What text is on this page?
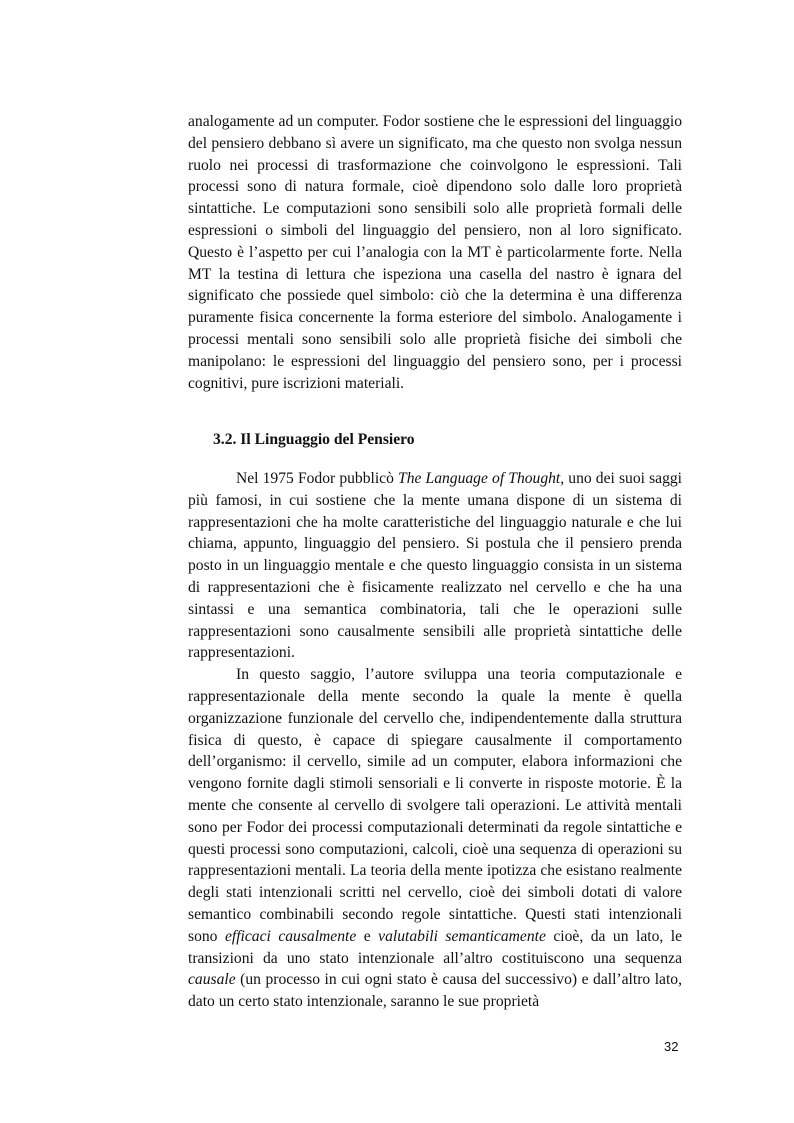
analogamente ad un computer. Fodor sostiene che le espressioni del linguaggio del pensiero debbano sì avere un significato, ma che questo non svolga nessun ruolo nei processi di trasformazione che coinvolgono le espressioni. Tali processi sono di natura formale, cioè dipendono solo dalle loro proprietà sintattiche. Le computazioni sono sensibili solo alle proprietà formali delle espressioni o simboli del linguaggio del pensiero, non al loro significato. Questo è l’aspetto per cui l’analogia con la MT è particolarmente forte. Nella MT la testina di lettura che ispeziona una casella del nastro è ignara del significato che possiede quel simbolo: ciò che la determina è una differenza puramente fisica concernente la forma esteriore del simbolo. Analogamente i processi mentali sono sensibili solo alle proprietà fisiche dei simboli che manipolano: le espressioni del linguaggio del pensiero sono, per i processi cognitivi, pure iscrizioni materiali.

3.2. Il Linguaggio del Pensiero

Nel 1975 Fodor pubblicò The Language of Thought, uno dei suoi saggi più famosi, in cui sostiene che la mente umana dispone di un sistema di rappresentazioni che ha molte caratteristiche del linguaggio naturale e che lui chiama, appunto, linguaggio del pensiero. Si postula che il pensiero prenda posto in un linguaggio mentale e che questo linguaggio consista in un sistema di rappresentazioni che è fisicamente realizzato nel cervello e che ha una sintassi e una semantica combinatoria, tali che le operazioni sulle rappresentazioni sono causalmente sensibili alle proprietà sintattiche delle rappresentazioni.

In questo saggio, l’autore sviluppa una teoria computazionale e rappresentazionale della mente secondo la quale la mente è quella organizzazione funzionale del cervello che, indipendentemente dalla struttura fisica di questo, è capace di spiegare causalmente il comportamento dell’organismo: il cervello, simile ad un computer, elabora informazioni che vengono fornite dagli stimoli sensoriali e li converte in risposte motorie. È la mente che consente al cervello di svolgere tali operazioni. Le attività mentali sono per Fodor dei processi computazionali determinati da regole sintattiche e questi processi sono computazioni, calcoli, cioè una sequenza di operazioni su rappresentazioni mentali. La teoria della mente ipotizza che esistano realmente degli stati intenzionali scritti nel cervello, cioè dei simboli dotati di valore semantico combinabili secondo regole sintattiche. Questi stati intenzionali sono efficaci causalmente e valutabili semanticamente cioè, da un lato, le transizioni da uno stato intenzionale all’altro costituiscono una sequenza causale (un processo in cui ogni stato è causa del successivo) e dall’altro lato, dato un certo stato intenzionale, saranno le sue proprietà

32
